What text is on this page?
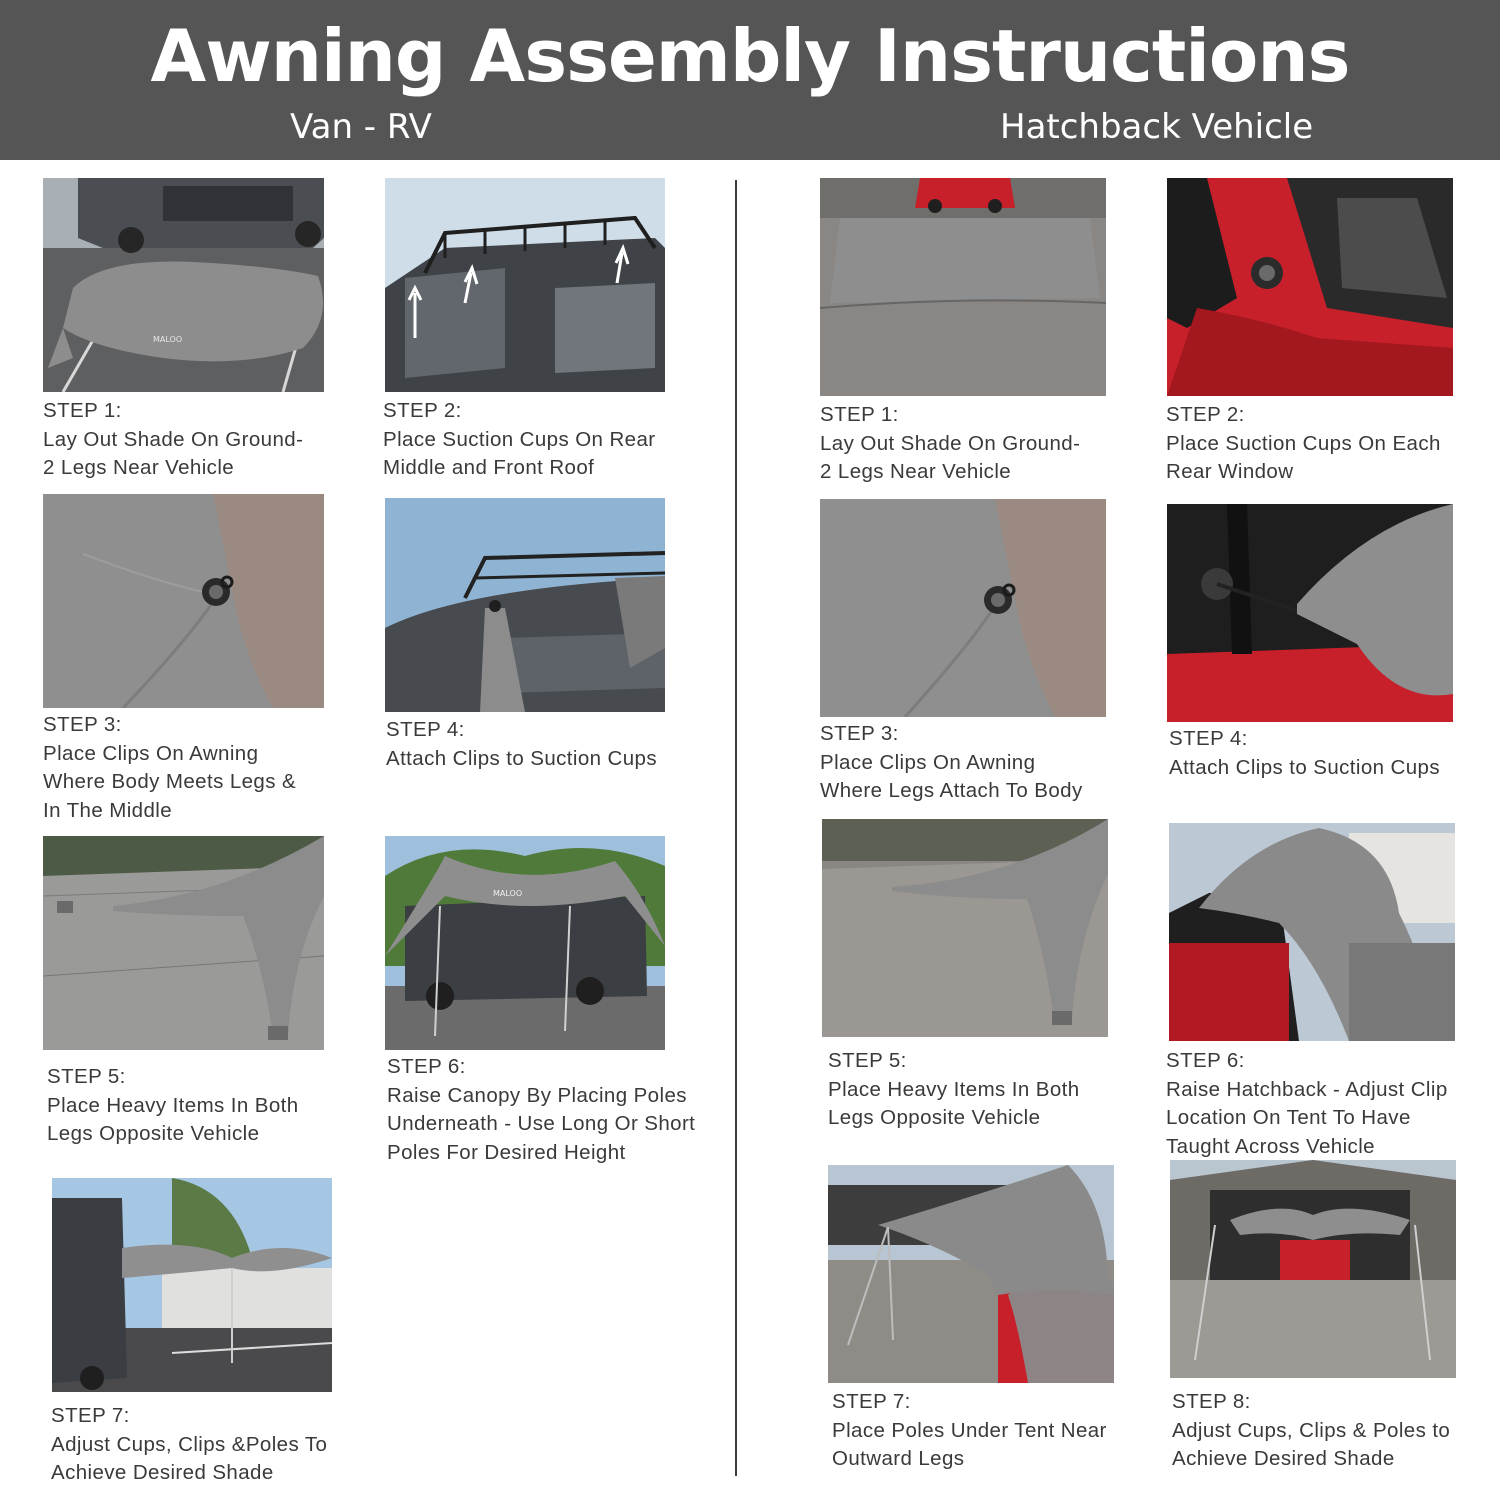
Awning Assembly Instructions
Van - RV	Hatchback Vehicle
MALOO
STEP 1:
Lay Out Shade On Ground-
2 Legs Near Vehicle
STEP 2:
Place Suction Cups On Rear
Middle and Front Roof
STEP 3:
Place Clips On Awning
Where Body Meets Legs &
In The Middle
STEP 4:
Attach Clips to Suction Cups
STEP 5:
Place Heavy Items In Both
Legs Opposite Vehicle
MALOO
STEP 6:
Raise Canopy By Placing Poles
Underneath - Use Long Or Short
Poles For Desired Height
STEP 7:
Adjust Cups, Clips &Poles To
Achieve Desired Shade
STEP 1:
Lay Out Shade On Ground-
2 Legs Near Vehicle
STEP 2:
Place Suction Cups On Each
Rear Window
STEP 3:
Place Clips On Awning
Where Legs Attach To Body
STEP 4:
Attach Clips to Suction Cups
STEP 5:
Place Heavy Items In Both
Legs Opposite Vehicle
STEP 6:
Raise Hatchback - Adjust Clip
Location On Tent To Have
Taught Across Vehicle
STEP 7:
Place Poles Under Tent Near
Outward Legs
STEP 8:
Adjust Cups, Clips & Poles to
Achieve Desired Shade
